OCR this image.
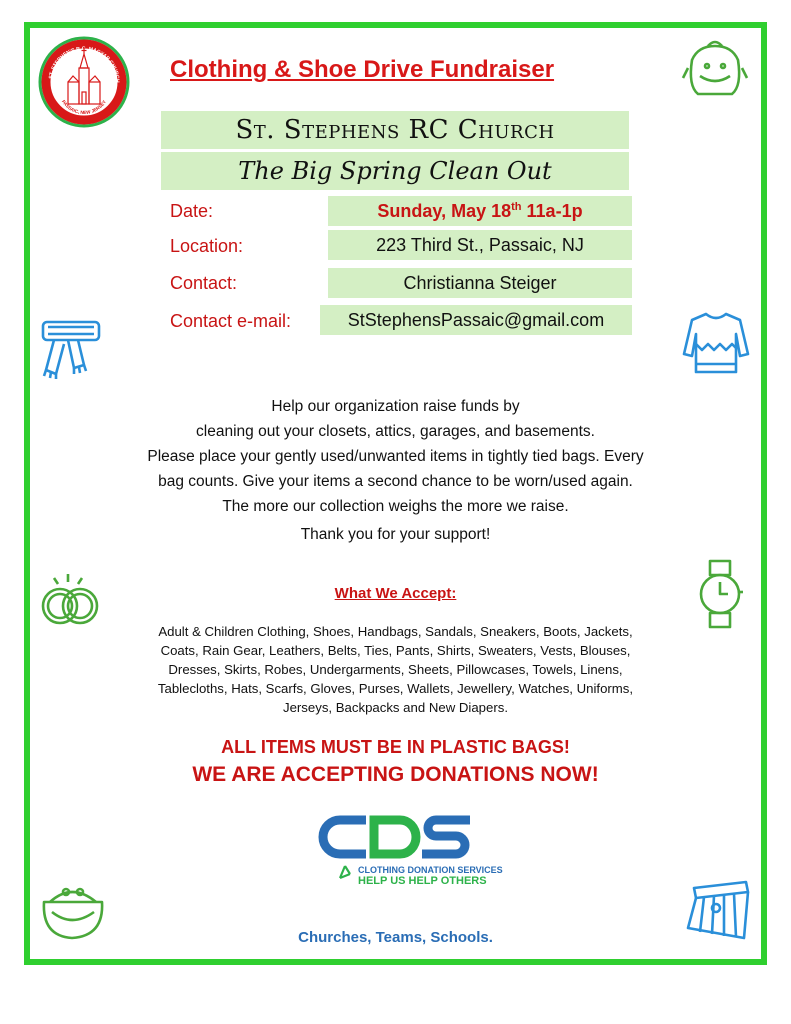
ST. STEPHEN'S R.C. MAGYAR CHURCH
PASSAIC, NEW JERSEY
Clothing & Shoe Drive Fundraiser
St. Stephens RC Church
The Big Spring Clean Out
Date:	Sunday, May 18th 11a-1p
Location:	223 Third St., Passaic, NJ
Contact:	Christianna Steiger
Contact e-mail:	StStephensPassaic@gmail.com
Help our organization raise funds by
cleaning out your closets, attics, garages, and basements.
Please place your gently used/unwanted items in tightly tied bags. Every
bag counts. Give your items a second chance to be worn/used again.
The more our collection weighs the more we raise.
Thank you for your support!
What We Accept:
Adult & Children Clothing, Shoes, Handbags, Sandals, Sneakers, Boots, Jackets,
Coats, Rain Gear, Leathers, Belts, Ties, Pants, Shirts, Sweaters, Vests, Blouses,
Dresses, Skirts, Robes, Undergarments, Sheets, Pillowcases, Towels, Linens,
Tablecloths, Hats, Scarfs, Gloves, Purses, Wallets, Jewellery, Watches, Uniforms,
Jerseys, Backpacks and New Diapers.
ALL ITEMS MUST BE IN PLASTIC BAGS!
WE ARE ACCEPTING DONATIONS NOW!
CLOTHING DONATION SERVICES
HELP US HELP OTHERS
Churches, Teams, Schools.
